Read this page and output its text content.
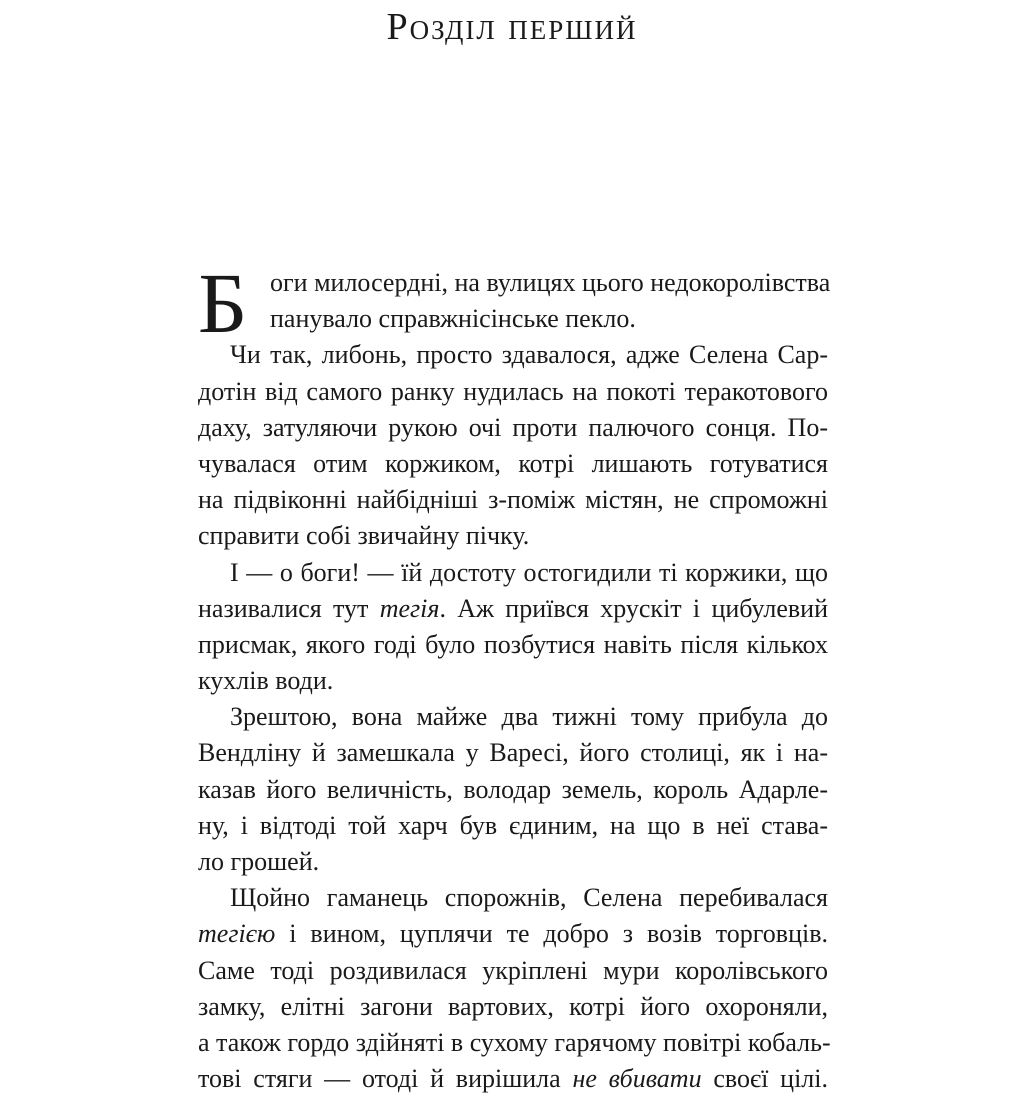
Розділ перший
Б оги милосердні, на вулицях цього недокоролівства
панувало справжнісінське пекло.
Чи так, либонь, просто здавалося, адже Селена Сар-
дотін від самого ранку нудилась на покоті теракотового
даху, затуляючи рукою очі проти палючого сонця. По-
чувалася отим коржиком, котрі лишають готуватися
на підвіконні найбідніші з-поміж містян, не спроможні
справити собі звичайну пічку.
І — о боги! — їй достоту остогидили ті коржики, що
називалися тут тегія. Аж приївся хрускіт і цибулевий
присмак, якого годі було позбутися навіть після кількох
кухлів води.
Зрештою, вона майже два тижні тому прибула до
Вендліну й замешкала у Варесі, його столиці, як і на-
казав його величність, володар земель, король Адарле-
ну, і відтоді той харч був єдиним, на що в неї става-
ло грошей.
Щойно гаманець спорожнів, Селена перебивалася
тегією і вином, цуплячи те добро з возів торговців.
Саме тоді роздивилася укріплені мури королівського
замку, елітні загони вартових, котрі його охороняли,
а також гордо здійняті в сухому гарячому повітрі кобаль-
тові стяги — отоді й вирішила не вбивати своєї цілі.
